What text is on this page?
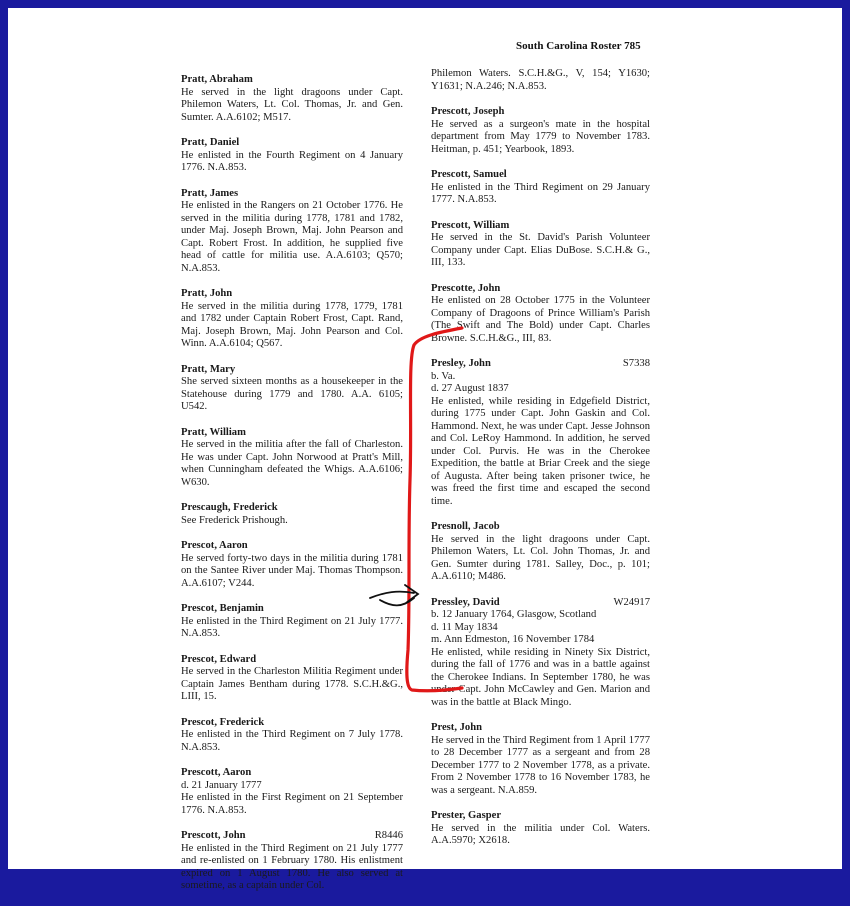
South Carolina Roster 785
Pratt, Abraham
He served in the light dragoons under Capt. Philemon Waters, Lt. Col. Thomas, Jr. and Gen. Sumter. A.A.6102; M517.
Pratt, Daniel
He enlisted in the Fourth Regiment on 4 January 1776. N.A.853.
Pratt, James
He enlisted in the Rangers on 21 October 1776. He served in the militia during 1778, 1781 and 1782, under Maj. Joseph Brown, Maj. John Pearson and Capt. Robert Frost. In addition, he supplied five head of cattle for militia use. A.A.6103; Q570; N.A.853.
Pratt, John
He served in the militia during 1778, 1779, 1781 and 1782 under Captain Robert Frost, Capt. Rand, Maj. Joseph Brown, Maj. John Pearson and Col. Winn. A.A.6104; Q567.
Pratt, Mary
She served sixteen months as a housekeeper in the Statehouse during 1779 and 1780. A.A. 6105; U542.
Pratt, William
He served in the militia after the fall of Charleston. He was under Capt. John Norwood at Pratt's Mill, when Cunningham defeated the Whigs. A.A.6106; W630.
Prescaugh, Frederick
See Frederick Prishough.
Prescot, Aaron
He served forty-two days in the militia during 1781 on the Santee River under Maj. Thomas Thompson. A.A.6107; V244.
Prescot, Benjamin
He enlisted in the Third Regiment on 21 July 1777. N.A.853.
Prescot, Edward
He served in the Charleston Militia Regiment under Captain James Bentham during 1778. S.C.H.&G., LIII, 15.
Prescot, Frederick
He enlisted in the Third Regiment on 7 July 1778. N.A.853.
Prescott, Aaron
d. 21 January 1777
He enlisted in the First Regiment on 21 September 1776. N.A.853.
Prescott, John	R8446
He enlisted in the Third Regiment on 21 July 1777 and re-enlisted on 1 February 1780. His enlistment expired on 1 August 1780. He also served at sometime, as a captain under Col.
Philemon Waters. S.C.H.&G., V, 154; Y1630; Y1631; N.A.246; N.A.853.
Prescott, Joseph
He served as a surgeon's mate in the hospital department from May 1779 to November 1783. Heitman, p. 451; Yearbook, 1893.
Prescott, Samuel
He enlisted in the Third Regiment on 29 January 1777. N.A.853.
Prescott, William
He served in the St. David's Parish Volunteer Company under Capt. Elias DuBose. S.C.H.& G., III, 133.
Prescotte, John
He enlisted on 28 October 1775 in the Volunteer Company of Dragoons of Prince William's Parish (The Swift and The Bold) under Capt. Charles Browne. S.C.H.&G., III, 83.
Presley, John	S7338
b. Va.
d. 27 August 1837
He enlisted, while residing in Edgefield District, during 1775 under Capt. John Gaskin and Col. Hammond. Next, he was under Capt. Jesse Johnson and Col. LeRoy Hammond. In addition, he served under Col. Purvis. He was in the Cherokee Expedition, the battle at Briar Creek and the siege of Augusta. After being taken prisoner twice, he was freed the first time and escaped the second time.
Presnoll, Jacob
He served in the light dragoons under Capt. Philemon Waters, Lt. Col. John Thomas, Jr. and Gen. Sumter during 1781. Salley, Doc., p. 101; A.A.6110; M486.
Pressley, David	W24917
b. 12 January 1764, Glasgow, Scotland
d. 11 May 1834
m. Ann Edmeston, 16 November 1784
He enlisted, while residing in Ninety Six District, during the fall of 1776 and was in a battle against the Cherokee Indians. In September 1780, he was under Capt. John McCawley and Gen. Marion and was in the battle at Black Mingo.
Prest, John
He served in the Third Regiment from 1 April 1777 to 28 December 1777 as a sergeant and from 28 December 1777 to 2 November 1778, as a private. From 2 November 1778 to 16 November 1783, he was a sergeant. N.A.859.
Prester, Gasper
He served in the militia under Col. Waters. A.A.5970; X2618.
